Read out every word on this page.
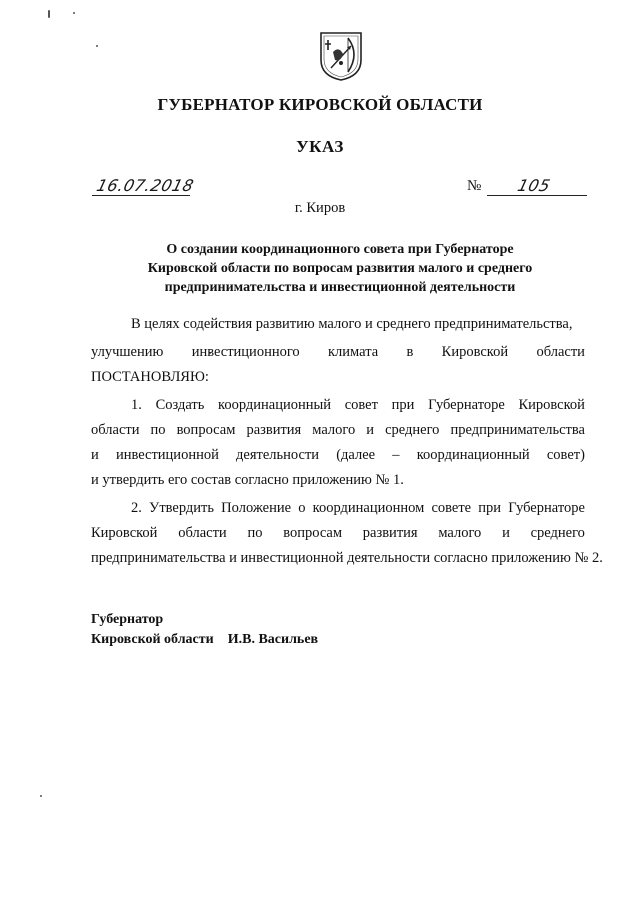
ГУБЕРНАТОР КИРОВСКОЙ ОБЛАСТИ
УКАЗ
16.07.2018	№ 105
г. Киров
О создании координационного совета при Губернаторе
Кировской области по вопросам развития малого и среднего
предпринимательства и инвестиционной деятельности
В целях содействия развитию малого и среднего предпринимательства,
улучшению инвестиционного климата в Кировской области
ПОСТАНОВЛЯЮ:
1. Создать координационный совет при Губернаторе Кировской
области по вопросам развития малого и среднего предпринимательства
и инвестиционной деятельности (далее – координационный совет)
и утвердить его состав согласно приложению № 1.
2. Утвердить Положение о координационном совете при Губернаторе
Кировской области по вопросам развития малого и среднего
предпринимательства и инвестиционной деятельности согласно приложению № 2.
Губернатор
Кировской области И.В. Васильев
